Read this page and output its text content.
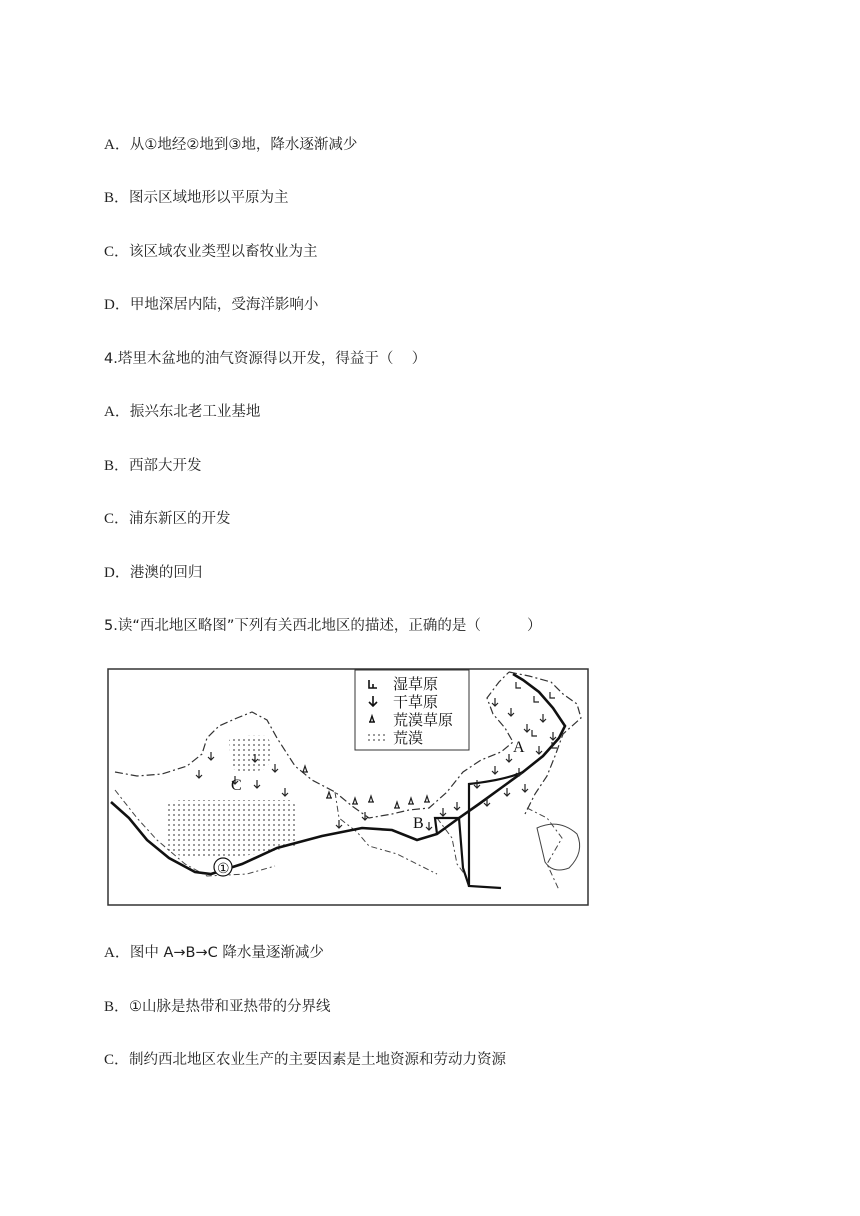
A．从①地经②地到③地，降水逐渐减少
B．图示区域地形以平原为主
C．该区域农业类型以畜牧业为主
D．甲地深居内陆，受海洋影响小
4.塔里木盆地的油气资源得以开发，得益于（    ）
A．振兴东北老工业基地
B．西部大开发
C．浦东新区的开发
D．港澳的回归
5.读“西北地区略图”下列有关西北地区的描述，正确的是（          ）
湿草原
干草原
荒漠草原
荒漠
A
B
C
①
A．图中 A→B→C 降水量逐渐减少
B．①山脉是热带和亚热带的分界线
C．制约西北地区农业生产的主要因素是土地资源和劳动力资源
